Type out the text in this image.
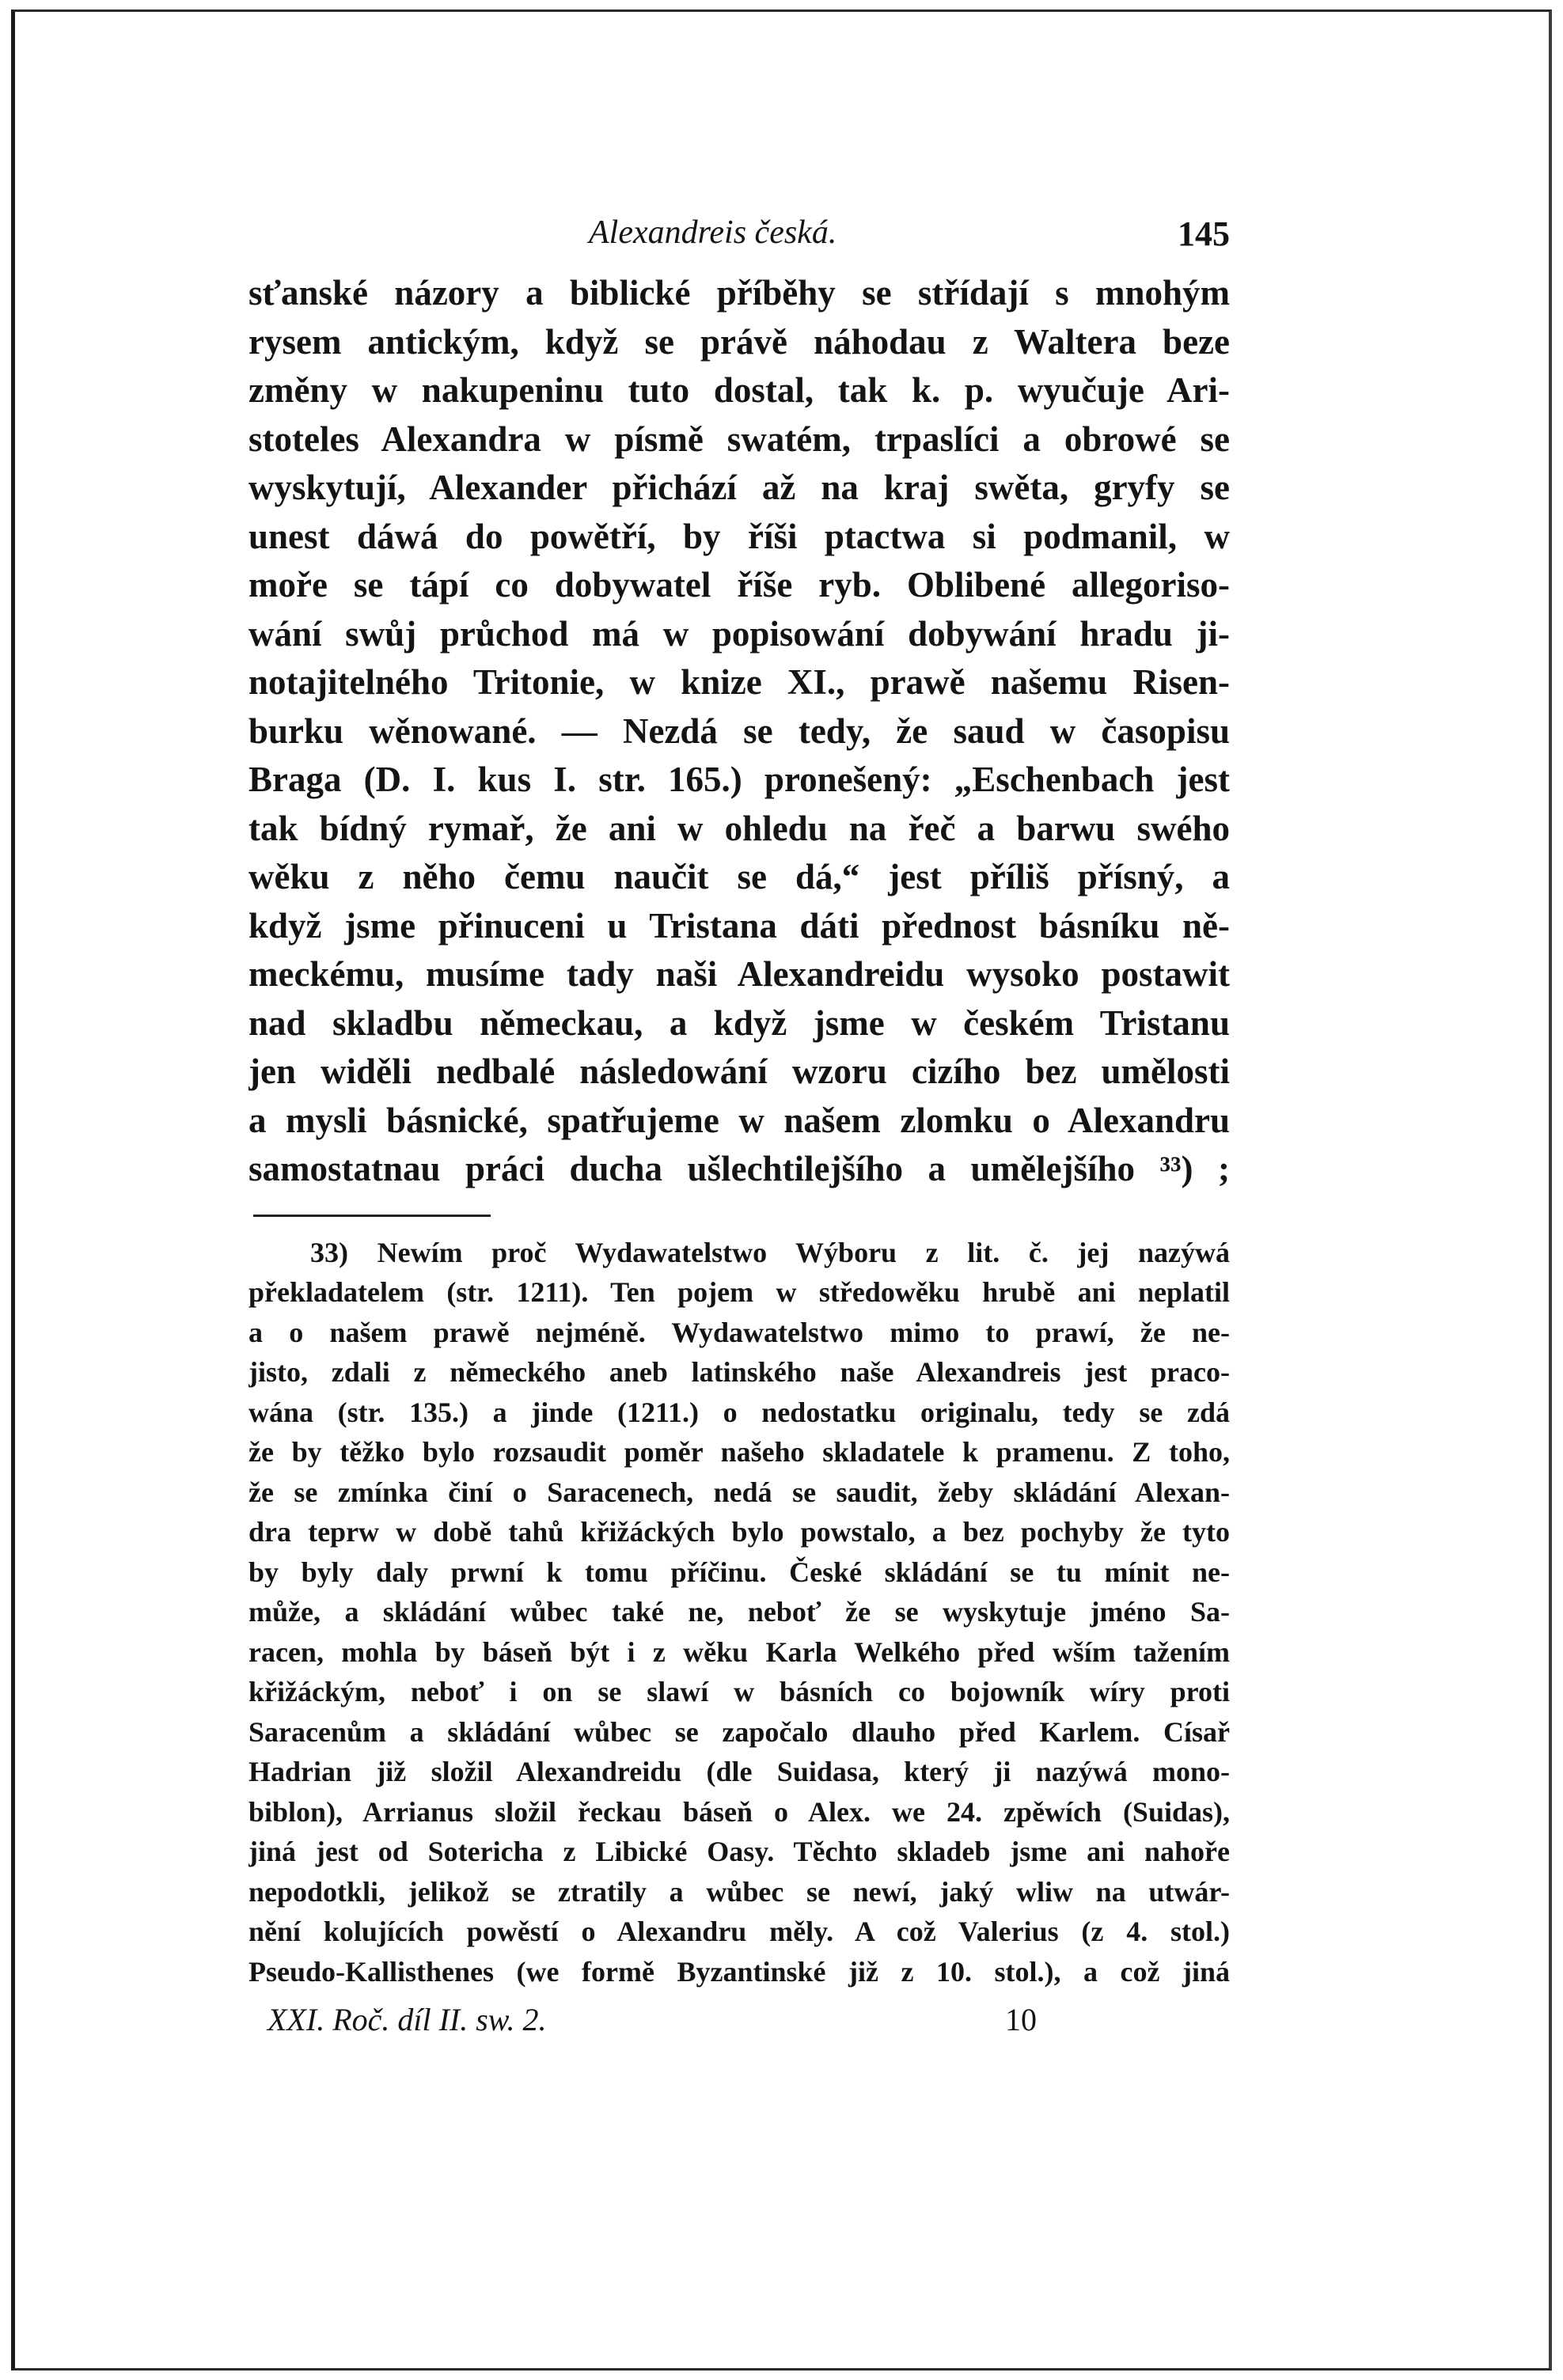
Alexandreis česká.	145
sťanské názory a biblické příběhy se střídají s mnohým
rysem antickým, když se právě náhodau z Waltera beze
změny w nakupeninu tuto dostal, tak k. p. wyučuje Ari-
stoteles Alexandra w písmě swatém, trpaslíci a obrowé se
wyskytují, Alexander přichází až na kraj swěta, gryfy se
unest dáwá do powětří, by říši ptactwa si podmanil, w
moře se tápí co dobywatel říše ryb. Oblibené allegoriso-
wání swůj průchod má w popisowání dobywání hradu ji-
notajitelného Tritonie, w knize XI., prawě našemu Risen-
burku wěnowané. — Nezdá se tedy, že saud w časopisu
Braga (D. I. kus I. str. 165.) pronešený: „Eschenbach jest
tak bídný rymař, že ani w ohledu na řeč a barwu swého
wěku z něho čemu naučit se dá,“ jest příliš přísný, a
když jsme přinuceni u Tristana dáti přednost básníku ně-
meckému, musíme tady naši Alexandreidu wysoko postawit
nad skladbu německau, a když jsme w českém Tristanu
jen widěli nedbalé následowání wzoru cizího bez umělosti
a mysli básnické, spatřujeme w našem zlomku o Alexandru
samostatnau práci ducha ušlechtilejšího a umělejšího ³³) ;
33) Newím proč Wydawatelstwo Wýboru z lit. č. jej nazýwá
překladatelem (str. 1211). Ten pojem w středowěku hrubě ani neplatil
a o našem prawě nejméně. Wydawatelstwo mimo to prawí, že ne-
jisto, zdali z německého aneb latinského naše Alexandreis jest praco-
wána (str. 135.) a jinde (1211.) o nedostatku originalu, tedy se zdá
že by těžko bylo rozsaudit poměr našeho skladatele k pramenu. Z toho,
že se zmínka činí o Saracenech, nedá se saudit, žeby skládání Alexan-
dra teprw w době tahů křižáckých bylo powstalo, a bez pochyby že tyto
by byly daly prwní k tomu příčinu. České skládání se tu mínit ne-
může, a skládání wůbec také ne, neboť že se wyskytuje jméno Sa-
racen, mohla by báseň být i z wěku Karla Welkého před wším tažením
křižáckým, neboť i on se slawí w básních co bojowník wíry proti
Saracenům a skládání wůbec se započalo dlauho před Karlem. Císař
Hadrian již složil Alexandreidu (dle Suidasa, který ji nazýwá mono-
biblon), Arrianus složil řeckau báseň o Alex. we 24. zpěwích (Suidas),
jiná jest od Sotericha z Libické Oasy. Těchto skladeb jsme ani nahoře
nepodotkli, jelikož se ztratily a wůbec se newí, jaký wliw na utwár-
nění kolujících powěstí o Alexandru měly. A což Valerius (z 4. stol.)
Pseudo-Kallisthenes (we formě Byzantinské již z 10. stol.), a což jiná
XXI. Roč. díl II. sw. 2.	10
